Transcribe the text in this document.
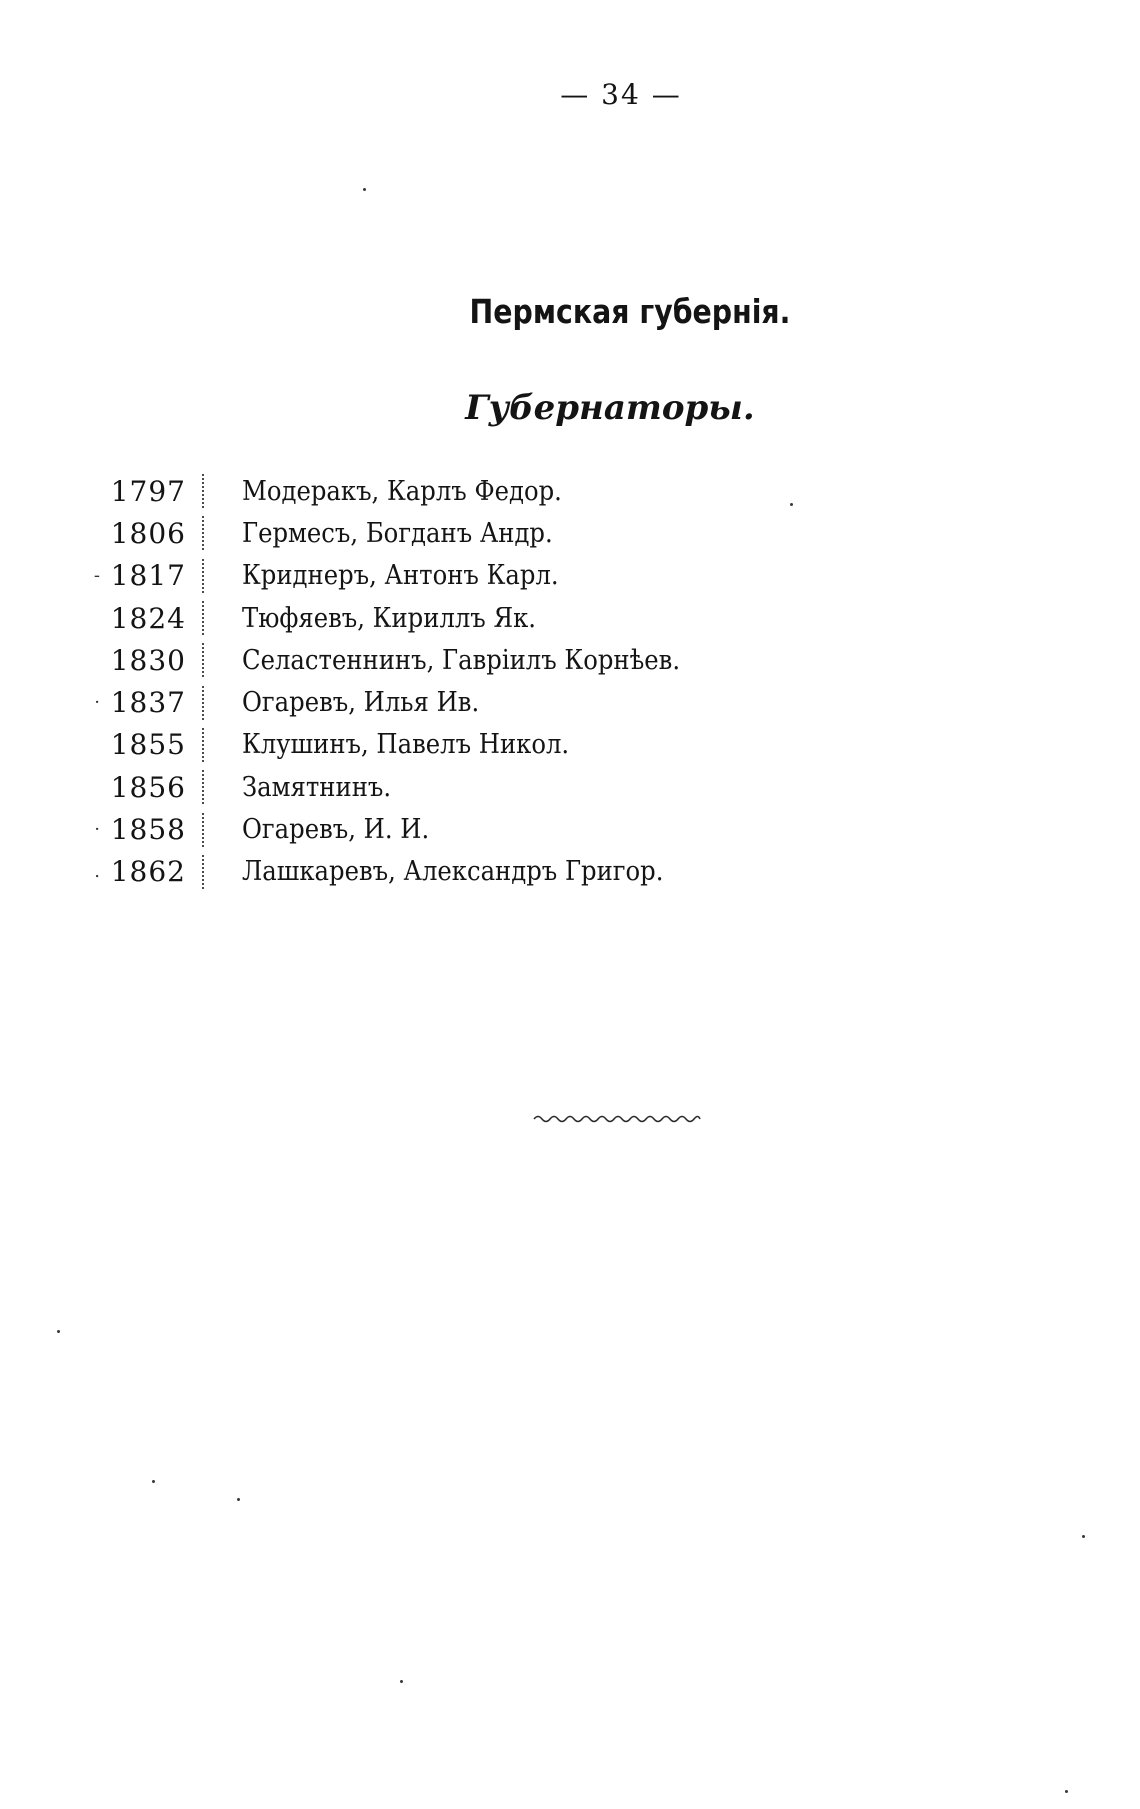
— 34 —
Пермская губернія.
Губернаторы.
1797 Модеракъ, Карлъ Федор.
1806 Гермесъ, Богданъ Андр.
- 1817 Криднеръ, Антонъ Карл.
1824 Тюфяевъ, Кириллъ Як.
1830 Селастеннинъ, Гавріилъ Корнѣев.
· 1837 Огаревъ, Илья Ив.
1855 Клушинъ, Павелъ Никол.
1856 Замятнинъ.
· 1858 Огаревъ, И. И.
. 1862 Лашкаревъ, Александръ Григор.
